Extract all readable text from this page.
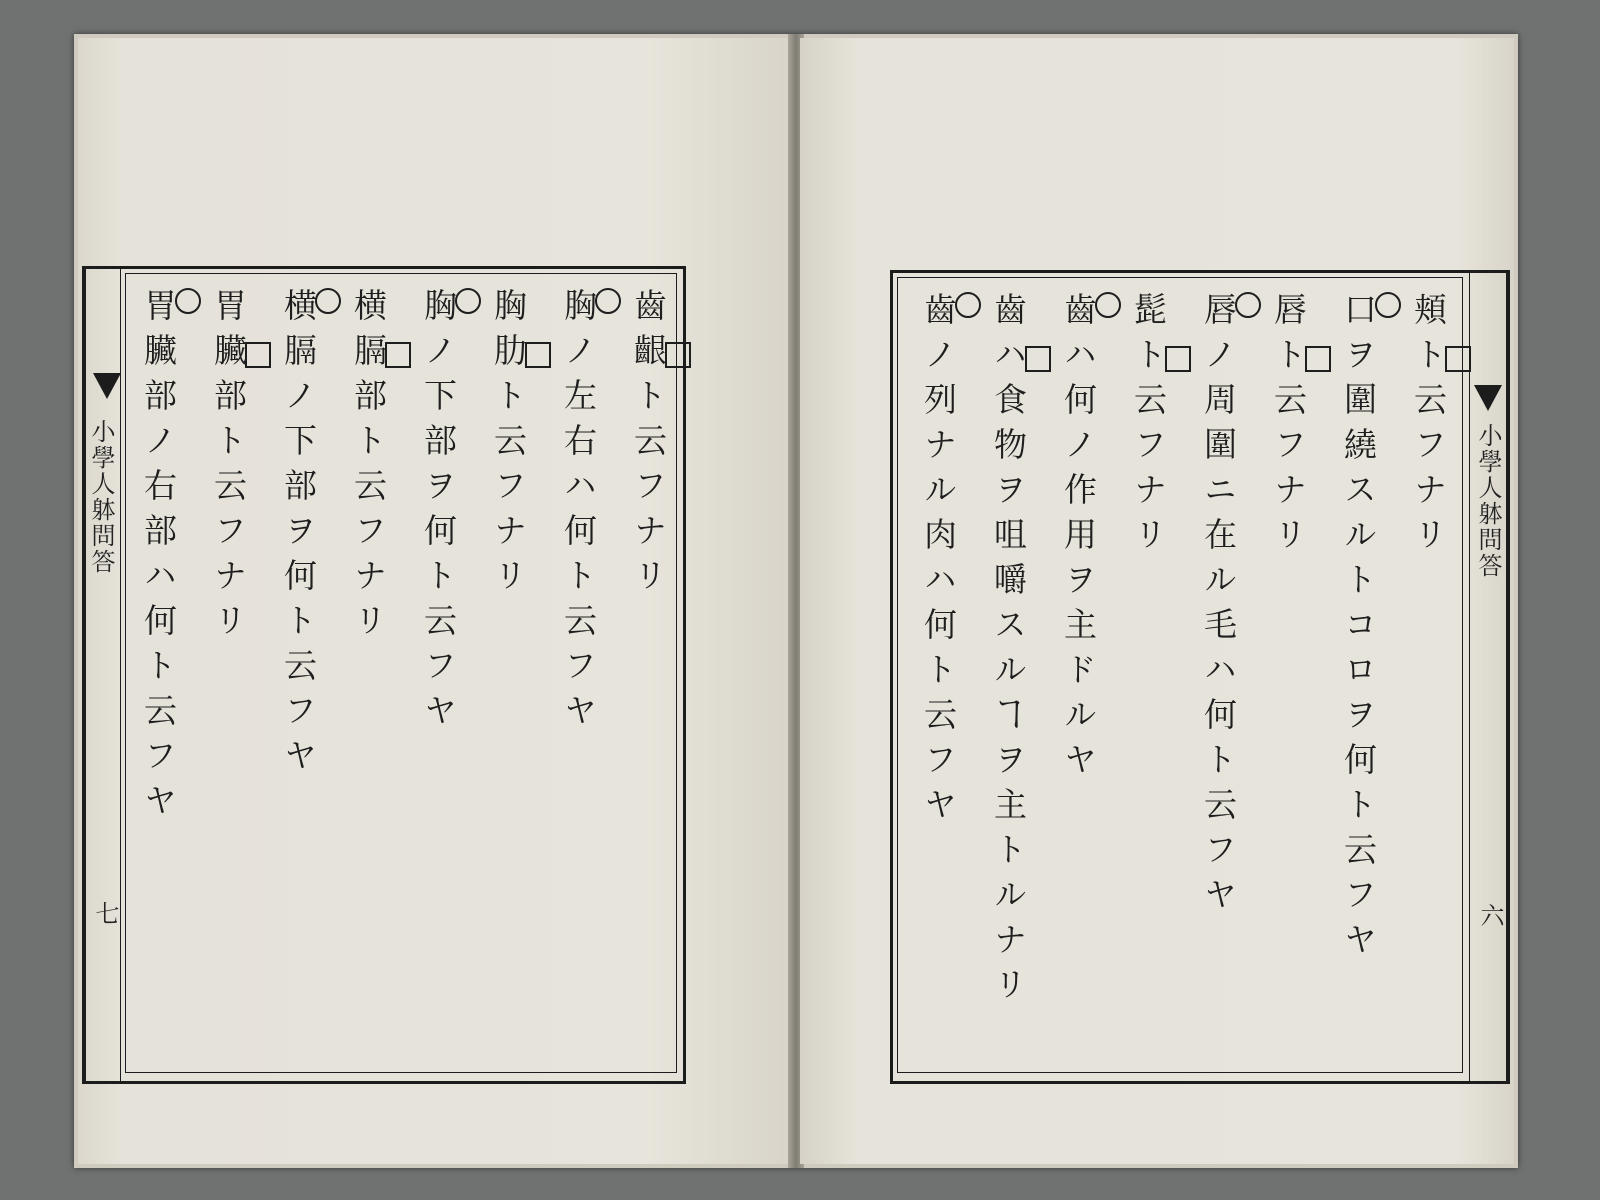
小學人躰問答
七
齒齦ト云フナリ
胸ノ左右ハ何ト云フヤ
胸肋ト云フナリ
胸ノ下部ヲ何ト云フヤ
横膈部ト云フナリ
横膈ノ下部ヲ何ト云フヤ
胃臟部ト云フナリ
胃臟部ノ右部ハ何ト云フヤ	頬ト云フナリ
口ヲ圍繞スルトコロヲ何ト云フヤ
唇ト云フナリ
唇ノ周圍ニ在ル毛ハ何ト云フヤ
髭ト云フナリ
齒ハ何ノ作用ヲ主ドルヤ
齒ハ食物ヲ咀嚼スルヿヲ主トルナリ
齒ノ列ナル肉ハ何ト云フヤ	小學人躰問答
六
